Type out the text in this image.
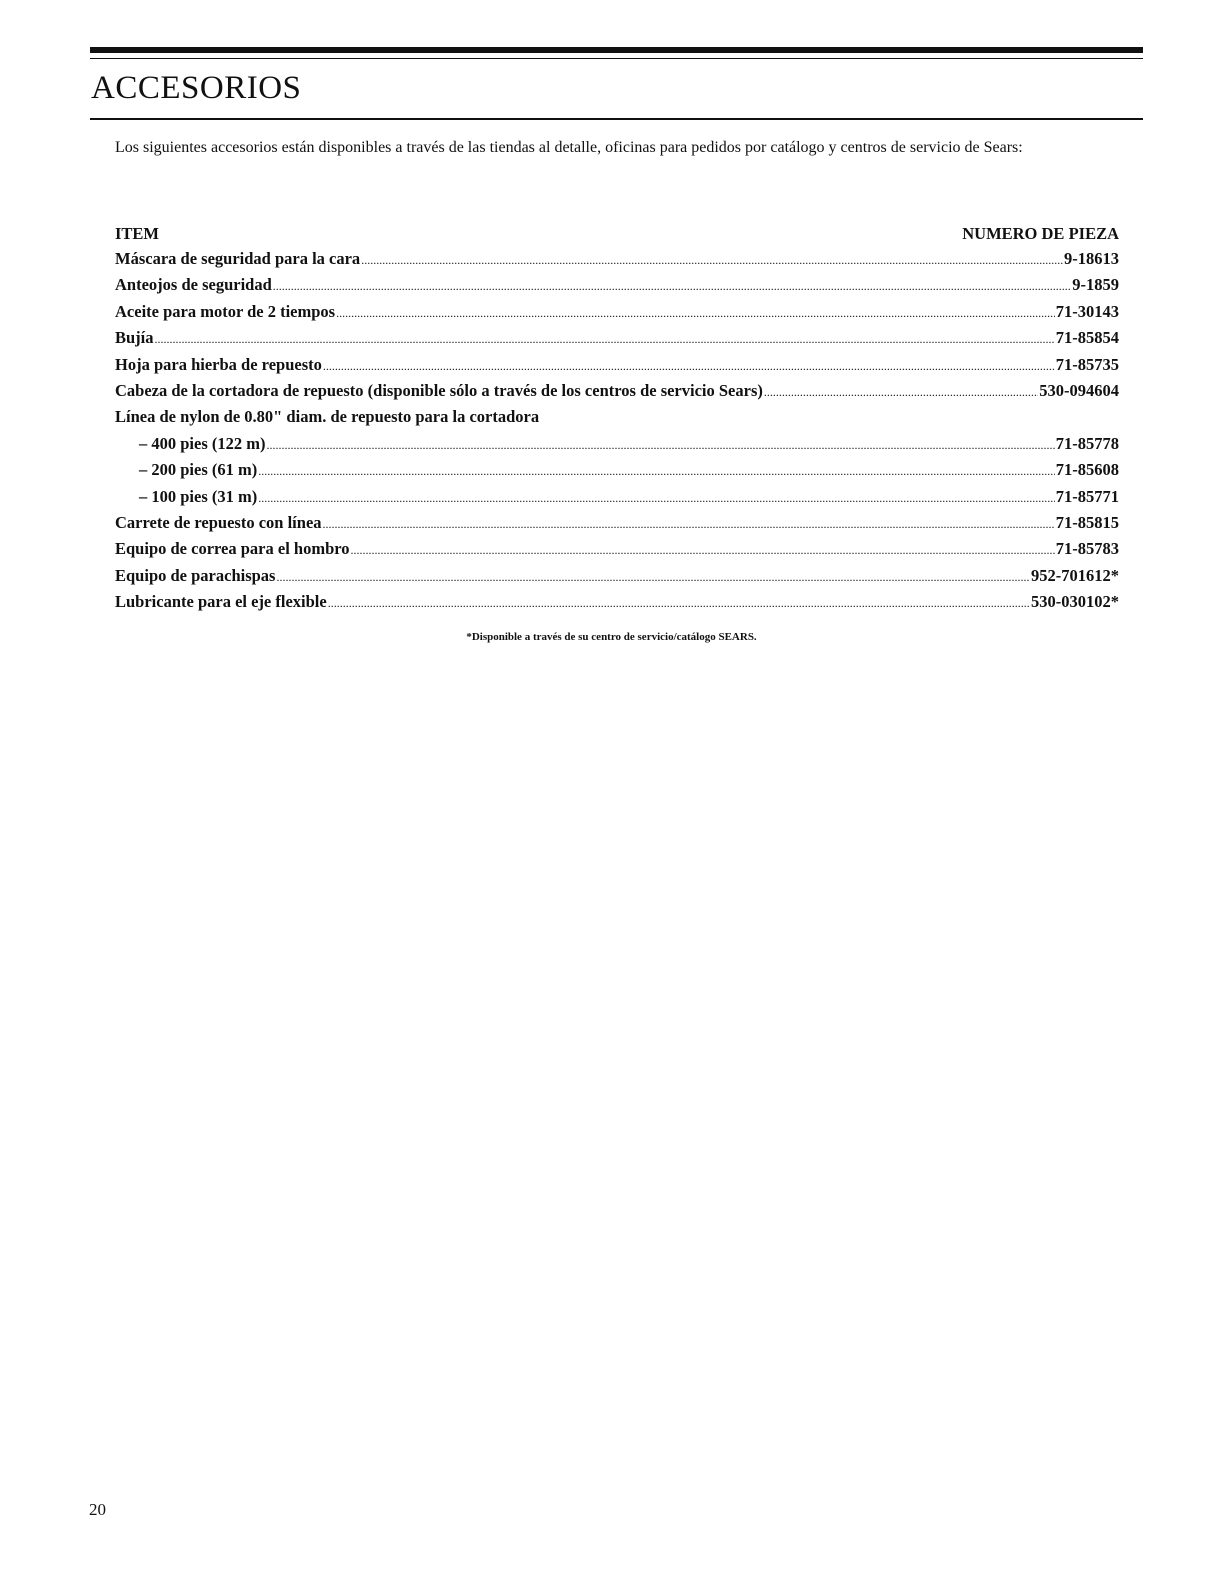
ACCESORIOS

Los siguientes accesorios están disponibles a través de las tiendas al detalle, oficinas para pedidos por catálogo y centros de servicio de Sears:

ITEM	NUMERO DE PIEZA
Máscara de seguridad para la cara .....	9-18613
Anteojos de seguridad .....	9-1859
Aceite para motor de 2 tiempos .....	71-30143
Bujía .....	71-85854
Hoja para hierba de repuesto .....	71-85735
Cabeza de la cortadora de repuesto (disponible sólo a través de los centros de servicio Sears) .....	530-094604
Línea de nylon de 0.80" diam. de repuesto para la cortadora
– 400 pies (122 m) .....	71-85778
– 200 pies (61 m) .....	71-85608
– 100 pies (31 m) .....	71-85771
Carrete de repuesto con línea .....	71-85815
Equipo de correa para el hombro .....	71-85783
Equipo de parachispas .....	952-701612*
Lubricante para el eje flexible .....	530-030102*

*Disponible a través de su centro de servicio/catálogo SEARS.

20
